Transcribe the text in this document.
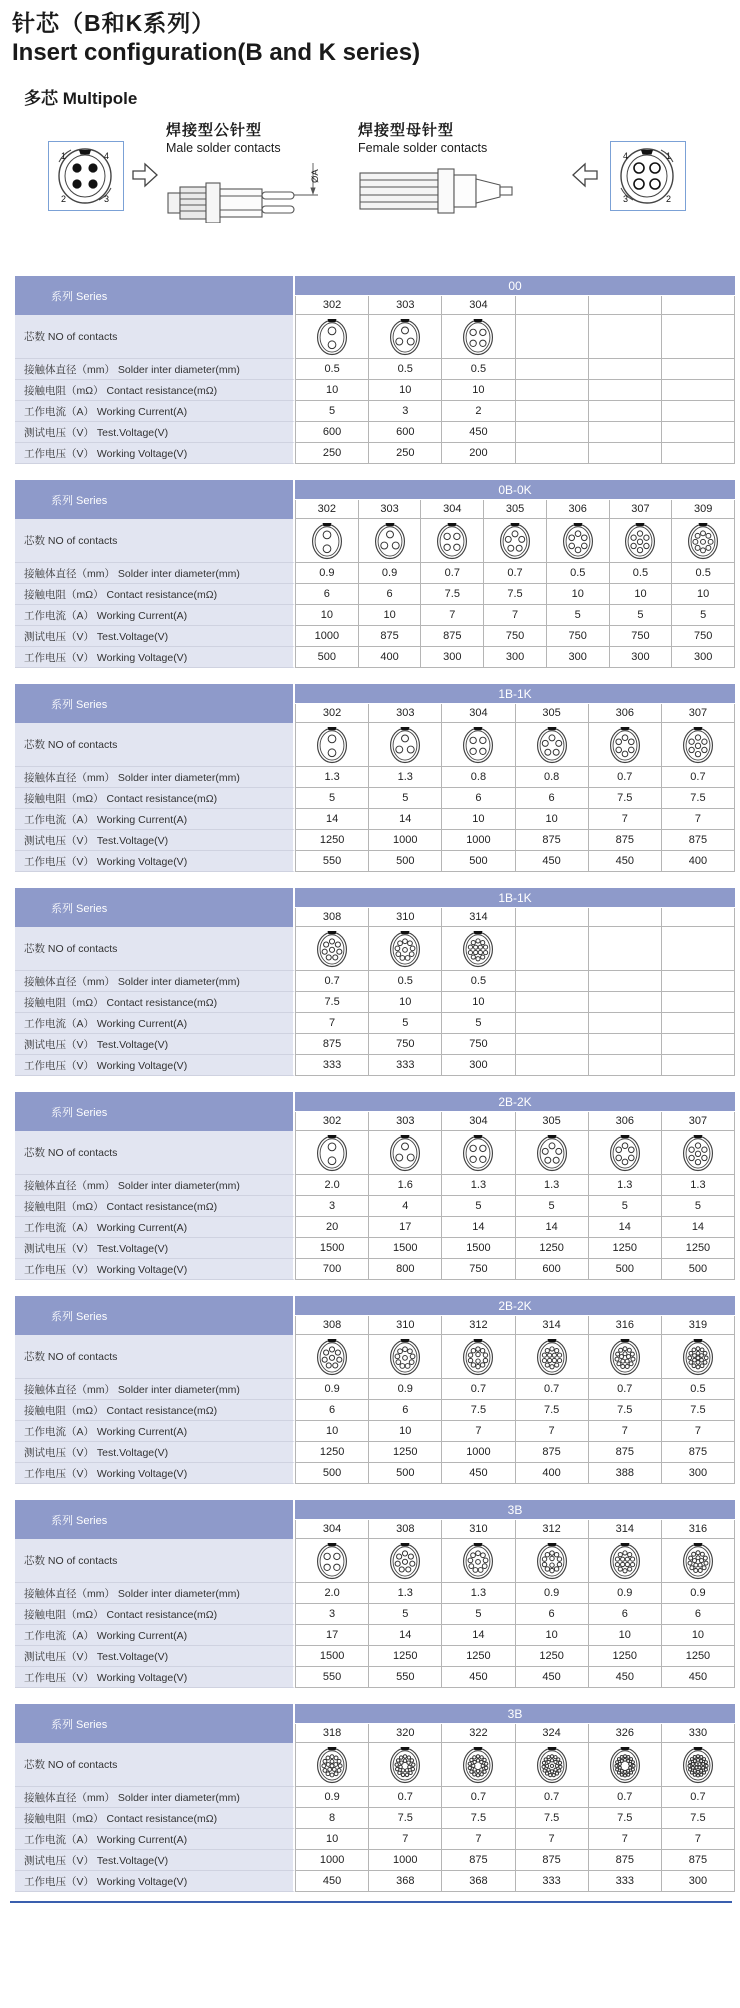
针芯（B和K系列）
Insert configuration(B and K series)
多芯 Multipole
1	4
2	3
焊接型公针型
Male solder contacts
ØA
焊接型母针型
Female solder contacts
4	1
3	2
系列 Series
00
302	303	304
芯数 NO of contacts
接触体直径（mm） Solder inter diameter(mm)	0.5	0.5	0.5
接触电阻（mΩ） Contact resistance(mΩ)	10	10	10
工作电流（A） Working Current(A)	5	3	2
测试电压（V） Test.Voltage(V)	600	600	450
工作电压（V） Working Voltage(V)	250	250	200
系列 Series
0B-0K
302	303	304	305	306	307	309
芯数 NO of contacts
接触体直径（mm） Solder inter diameter(mm)	0.9	0.9	0.7	0.7	0.5	0.5	0.5
接触电阻（mΩ） Contact resistance(mΩ)	6	6	7.5	7.5	10	10	10
工作电流（A） Working Current(A)	10	10	7	7	5	5	5
测试电压（V） Test.Voltage(V)	1000	875	875	750	750	750	750
工作电压（V） Working Voltage(V)	500	400	300	300	300	300	300
系列 Series
1B-1K
302	303	304	305	306	307
芯数 NO of contacts
接触体直径（mm） Solder inter diameter(mm)	1.3	1.3	0.8	0.8	0.7	0.7
接触电阻（mΩ） Contact resistance(mΩ)	5	5	6	6	7.5	7.5
工作电流（A） Working Current(A)	14	14	10	10	7	7
测试电压（V） Test.Voltage(V)	1250	1000	1000	875	875	875
工作电压（V） Working Voltage(V)	550	500	500	450	450	400
系列 Series
1B-1K
308	310	314
芯数 NO of contacts
接触体直径（mm） Solder inter diameter(mm)	0.7	0.5	0.5
接触电阻（mΩ） Contact resistance(mΩ)	7.5	10	10
工作电流（A） Working Current(A)	7	5	5
测试电压（V） Test.Voltage(V)	875	750	750
工作电压（V） Working Voltage(V)	333	333	300
系列 Series
2B-2K
302	303	304	305	306	307
芯数 NO of contacts
接触体直径（mm） Solder inter diameter(mm)	2.0	1.6	1.3	1.3	1.3	1.3
接触电阻（mΩ） Contact resistance(mΩ)	3	4	5	5	5	5
工作电流（A） Working Current(A)	20	17	14	14	14	14
测试电压（V） Test.Voltage(V)	1500	1500	1500	1250	1250	1250
工作电压（V） Working Voltage(V)	700	800	750	600	500	500
系列 Series
2B-2K
308	310	312	314	316	319
芯数 NO of contacts
接触体直径（mm） Solder inter diameter(mm)	0.9	0.9	0.7	0.7	0.7	0.5
接触电阻（mΩ） Contact resistance(mΩ)	6	6	7.5	7.5	7.5	7.5
工作电流（A） Working Current(A)	10	10	7	7	7	7
测试电压（V） Test.Voltage(V)	1250	1250	1000	875	875	875
工作电压（V） Working Voltage(V)	500	500	450	400	388	300
系列 Series
3B
304	308	310	312	314	316
芯数 NO of contacts
接触体直径（mm） Solder inter diameter(mm)	2.0	1.3	1.3	0.9	0.9	0.9
接触电阻（mΩ） Contact resistance(mΩ)	3	5	5	6	6	6
工作电流（A） Working Current(A)	17	14	14	10	10	10
测试电压（V） Test.Voltage(V)	1500	1250	1250	1250	1250	1250
工作电压（V） Working Voltage(V)	550	550	450	450	450	450
系列 Series
3B
318	320	322	324	326	330
芯数 NO of contacts
接触体直径（mm） Solder inter diameter(mm)	0.9	0.7	0.7	0.7	0.7	0.7
接触电阻（mΩ） Contact resistance(mΩ)	8	7.5	7.5	7.5	7.5	7.5
工作电流（A） Working Current(A)	10	7	7	7	7	7
测试电压（V） Test.Voltage(V)	1000	1000	875	875	875	875
工作电压（V） Working Voltage(V)	450	368	368	333	333	300
